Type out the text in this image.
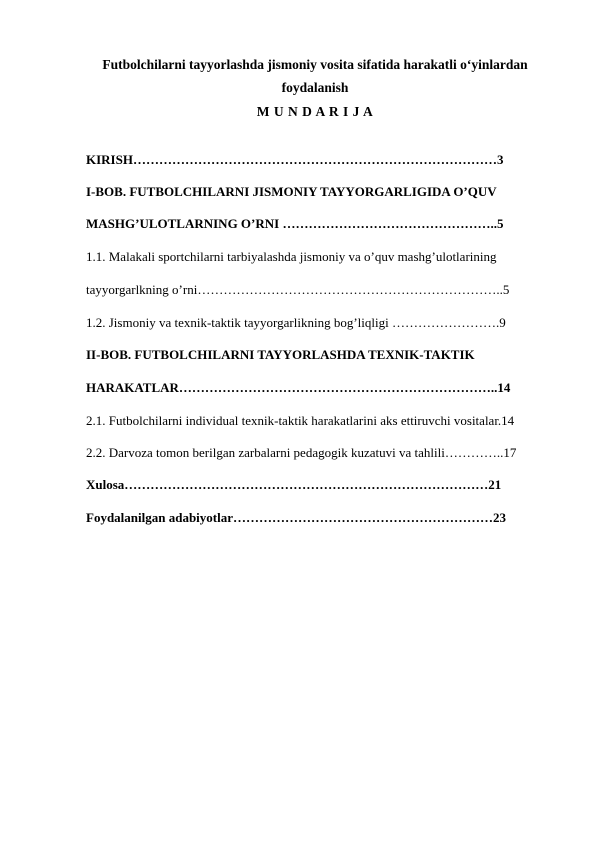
Futbolchilarni tayyorlashda jismoniy vosita sifatida harakatli o‘yinlardan
foydalanish
M U N D A R I J A
KIRISH…………………………………………………………………………3
I-BOB. FUTBOLCHILARNI JISMONIY TAYYORGARLIGIDA O’QUV
MASHG’ULOTLARNING O’RNI …………………………………………..5
1.1. Malakali sportchilarni tarbiyalashda jismoniy va o’quv mashg’ulotlarining
tayyorgarlkning o’rni……………………………………………………………..5
1.2. Jismoniy va texnik-taktik tayyorgarlikning bog’liqligi …………………….9
II-BOB. FUTBOLCHILARNI TAYYORLASHDA TEXNIK-TAKTIK
HARAKATLAR………………………………………………………………..14
2.1. Futbolchilarni individual texnik-taktik harakatlarini aks ettiruvchi vositalar.14
2.2. Darvoza tomon berilgan zarbalarni pedagogik kuzatuvi va tahlili…………..17
Xulosa…………………………………………………………………………21
Foydalanilgan adabiyotlar……………………………………………………23
